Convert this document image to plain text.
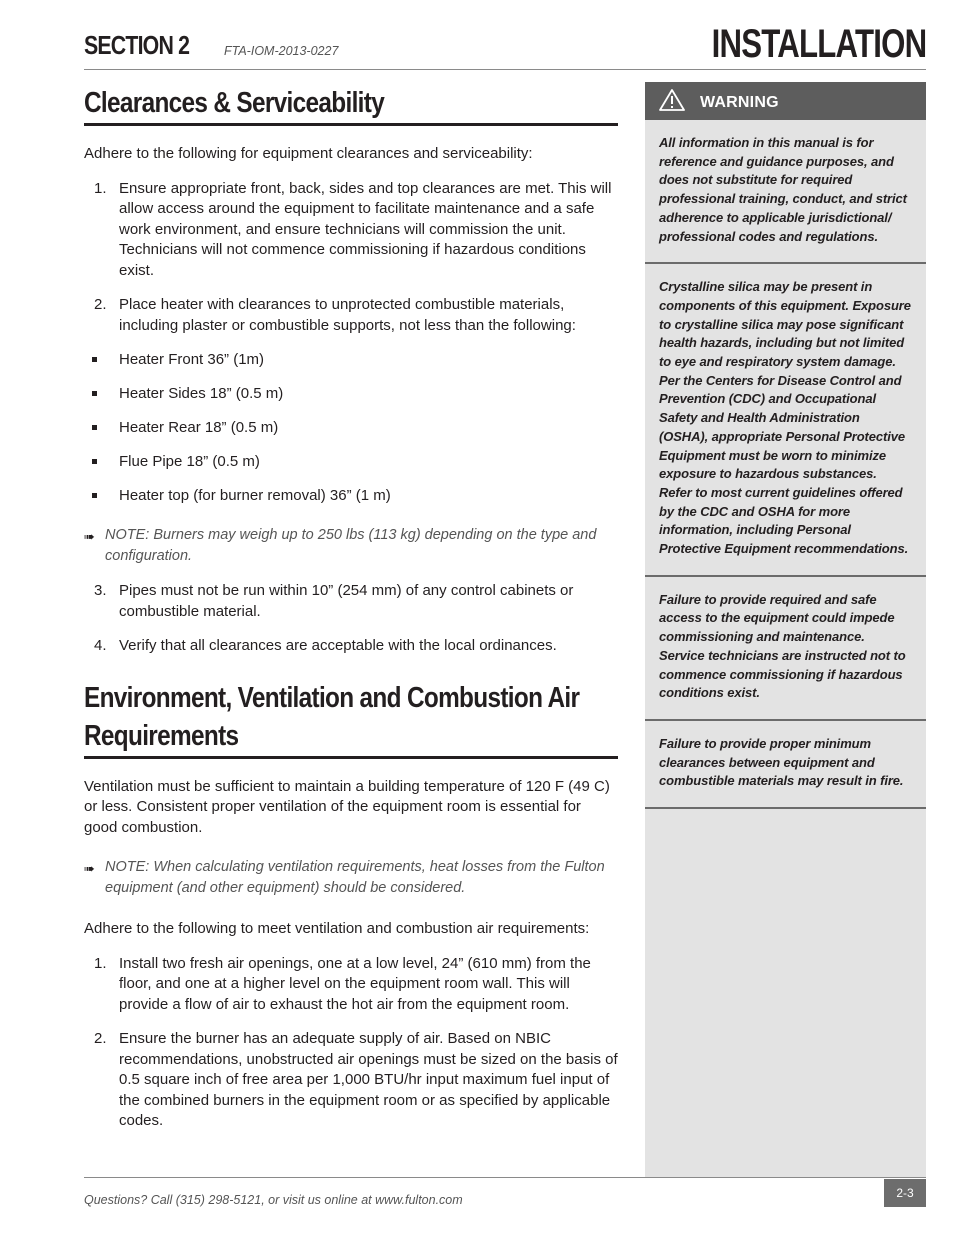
SECTION 2	FTA-IOM-2013-0227	INSTALLATION
Clearances & Serviceability

Adhere to the following for equipment clearances and serviceability:

1. Ensure appropriate front, back, sides and top clearances are met. This will allow access around the equipment to facilitate maintenance and a safe work environment, and ensure technicians will commission the unit. Technicians will not commence commissioning if hazardous conditions exist.
2. Place heater with clearances to unprotected combustible materials, including plaster or combustible supports, not less than the following:
Heater Front 36” (1m)
Heater Sides 18” (0.5 m)
Heater Rear 18” (0.5 m)
Flue Pipe 18” (0.5 m)
Heater top (for burner removal) 36” (1 m)
➠ NOTE: Burners may weigh up to 250 lbs (113 kg) depending on the type and configuration.
3. Pipes must not be run within 10” (254 mm) of any control cabinets or combustible material.
4. Verify that all clearances are acceptable with the local ordinances.
Environment, Ventilation and Combustion Air
Requirements

Ventilation must be sufficient to maintain a building temperature of 120 F (49 C) or less. Consistent proper ventilation of the equipment room is essential for good combustion.

➠ NOTE: When calculating ventilation requirements, heat losses from the Fulton equipment (and other equipment) should be considered.

Adhere to the following to meet ventilation and combustion air requirements:

1. Install two fresh air openings, one at a low level, 24” (610 mm) from the floor, and one at a higher level on the equipment room wall. This will provide a flow of air to exhaust the hot air from the equipment room.
2. Ensure the burner has an adequate supply of air. Based on NBIC recommendations, unobstructed air openings must be sized on the basis of 0.5 square inch of free area per 1,000 BTU/hr input maximum fuel input of the combined burners in the equipment room or as specified by applicable codes.
WARNING

All information in this manual is for reference and guidance purposes, and does not substitute for required professional training, conduct, and strict adherence to applicable jurisdictional/ professional codes and regulations.

Crystalline silica may be present in components of this equipment. Exposure to crystalline silica may pose significant health hazards, including but not limited to eye and respiratory system damage. Per the Centers for Disease Control and Prevention (CDC) and Occupational Safety and Health Administration (OSHA), appropriate Personal Protective Equipment must be worn to minimize exposure to hazardous substances. Refer to most current guidelines offered by the CDC and OSHA for more information, including Personal Protective Equipment recommendations.

Failure to provide required and safe access to the equipment could impede commissioning and maintenance. Service technicians are instructed not to commence commissioning if hazardous conditions exist.

Failure to provide proper minimum clearances between equipment and combustible materials may result in fire.

Questions? Call (315) 298-5121, or visit us online at www.fulton.com	2-3
